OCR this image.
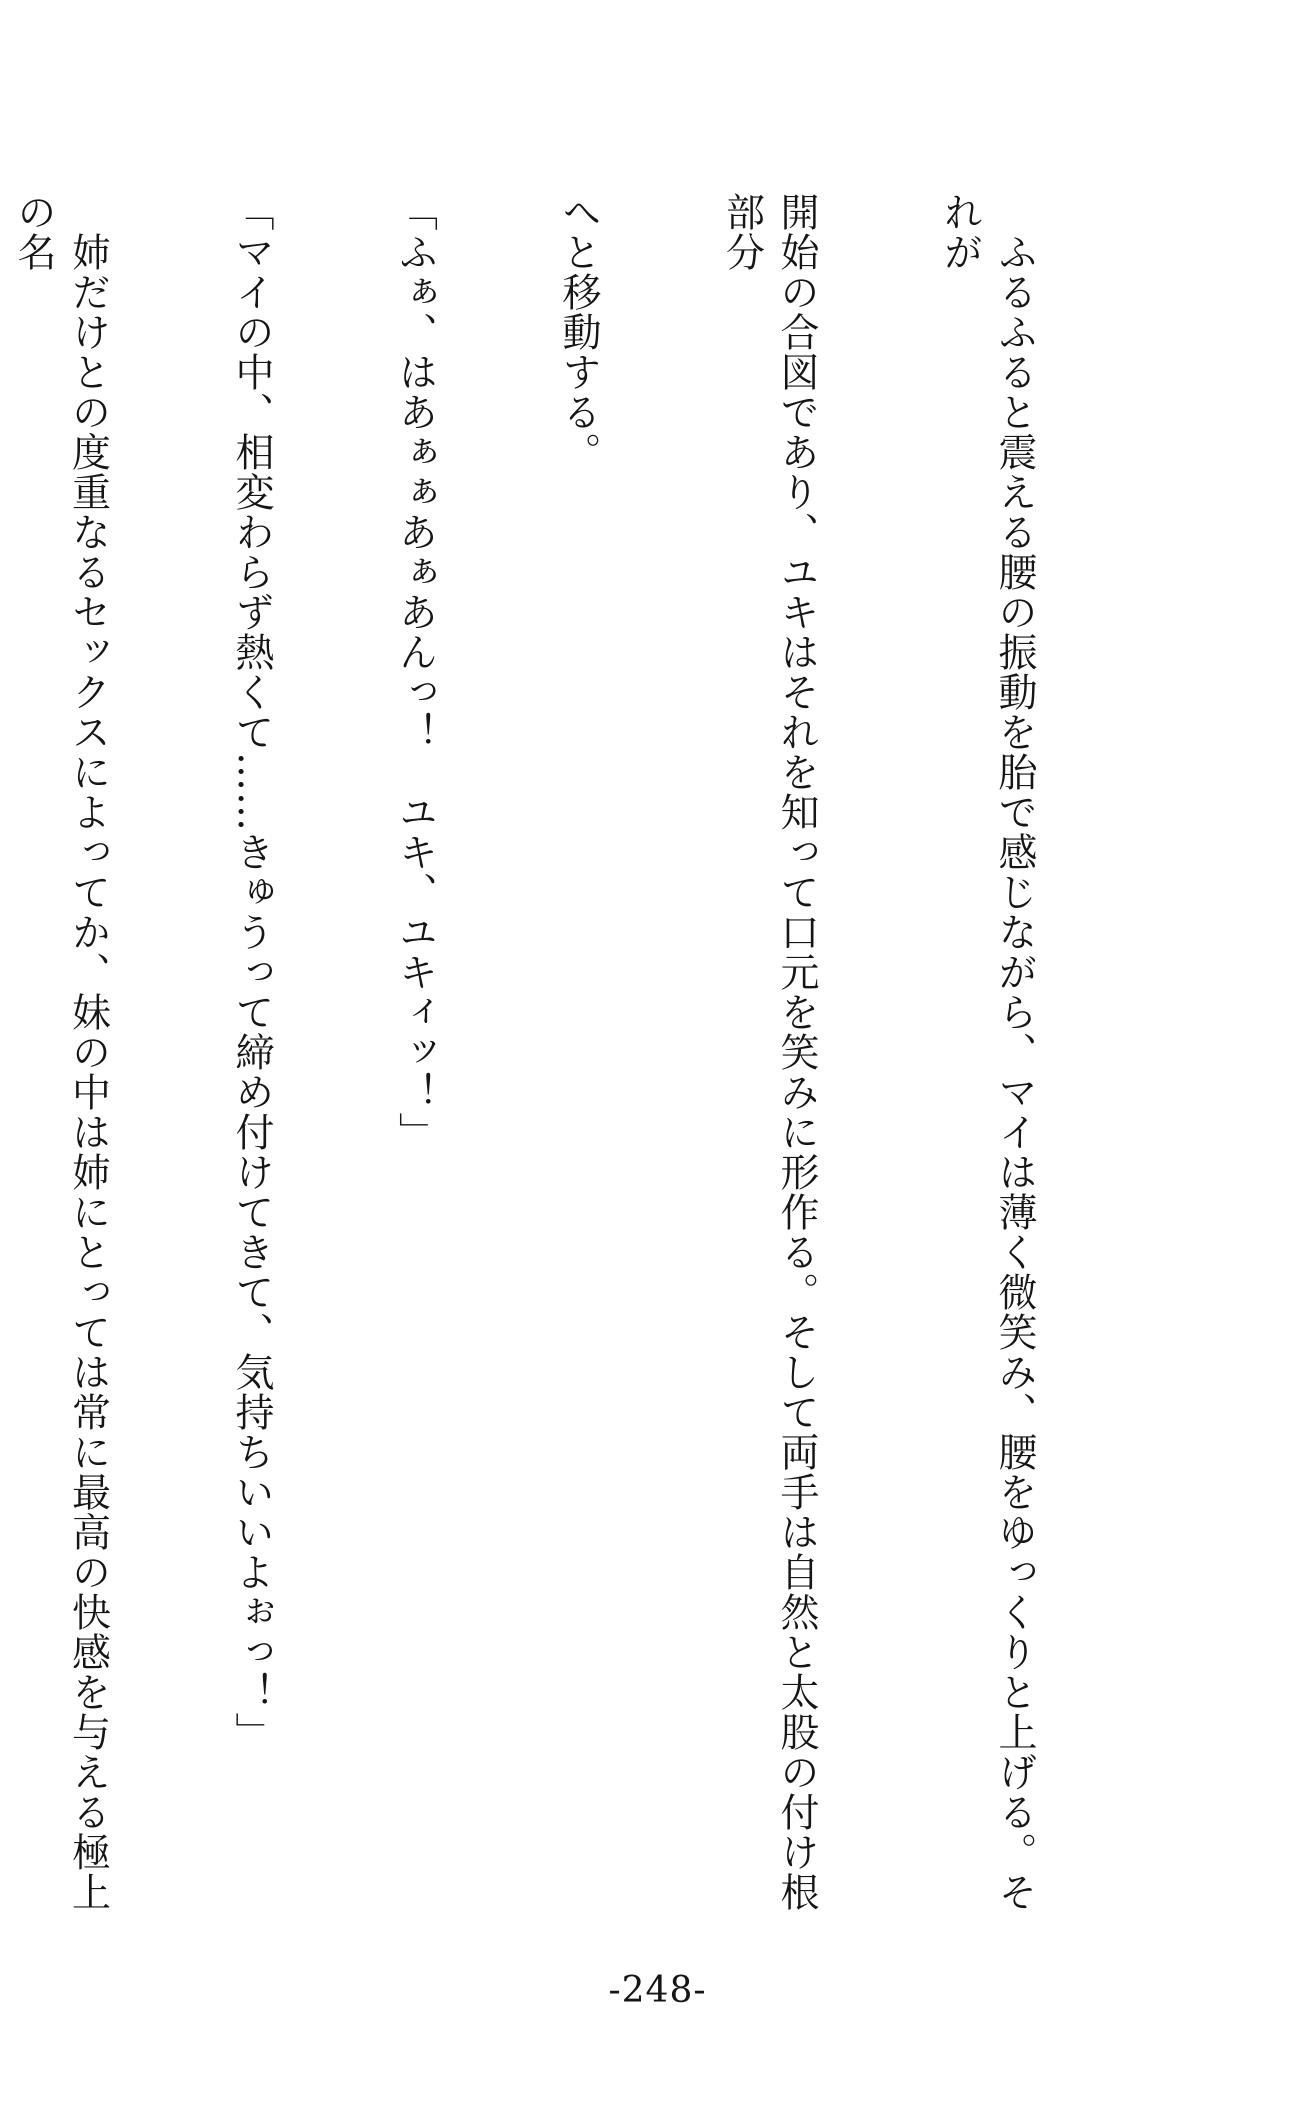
　ふるふると震える腰の振動を胎で感じながら、マイは薄く微笑み、腰をゆっくりと上げる。それが

開始の合図であり、ユキはそれを知って口元を笑みに形作る。そして両手は自然と太股の付け根部分

へと移動する。

「ふぁ、はあぁぁあぁあんっ！　ユキ、ユキィッ！」

「マイの中、相変わらず熱くて……きゅうって締め付けてきて、気持ちいいよぉっ！」

　姉だけとの度重なるセックスによってか、妹の中は姉にとっては常に最高の快感を与える極上の名

-248-
